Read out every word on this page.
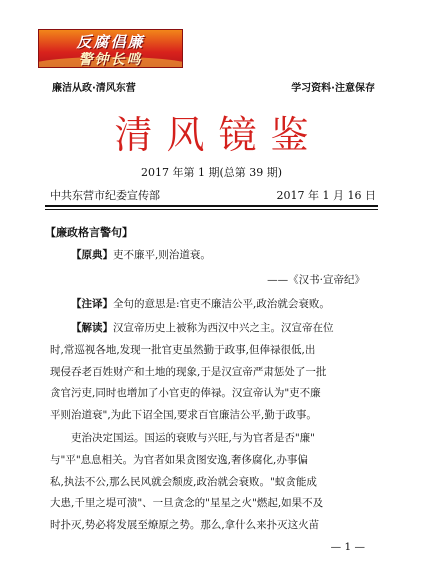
反腐倡廉
警钟长鸣
廉洁从政·清风东营	学习资料·注意保存
清风镜鉴
2017 年第 1 期(总第 39 期)
中共东营市纪委宣传部	2017 年 1 月 16 日
【廉政格言警句】
【原典】吏不廉平,则治道衰。
——《汉书·宣帝纪》
【注译】全句的意思是:官吏不廉洁公平,政治就会衰败。
【解读】汉宣帝历史上被称为西汉中兴之主。汉宣帝在位
时,常巡视各地,发现一批官吏虽然勤于政事,但俸禄很低,出
现侵吞老百姓财产和土地的现象,于是汉宣帝严肃惩处了一批
贪官污吏,同时也增加了小官吏的俸禄。汉宣帝认为"吏不廉
平则治道衰",为此下诏全国,要求百官廉洁公平,勤于政事。
吏治决定国运。国运的衰败与兴旺,与为官者是否"廉"
与"平"息息相关。为官者如果贪图安逸,奢侈腐化,办事偏
私,执法不公,那么民风就会颓废,政治就会衰败。"蚁贪能成
大患,千里之堤可溃"、一旦贪念的"星星之火"燃起,如果不及
时扑灭,势必将发展至燎原之势。那么,拿什么来扑灭这火苗
— 1 —
